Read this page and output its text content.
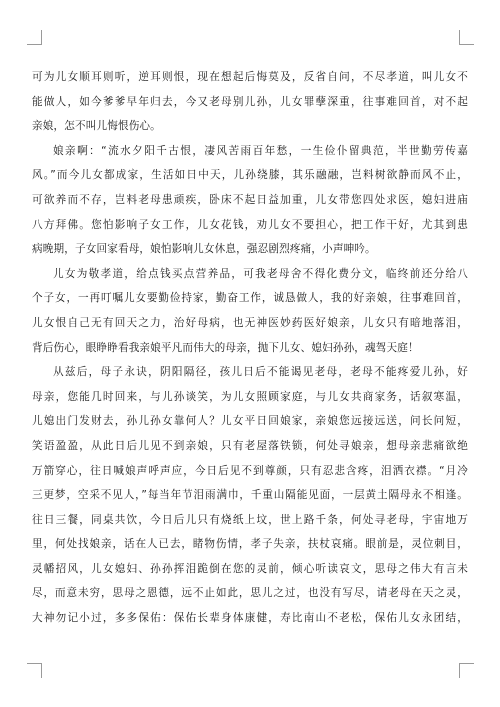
可为儿女顺耳则听，逆耳则恨，现在想起后悔莫及，反省自问，不尽孝道，叫儿女不
能做人，如今爹爹早年归去，今又老母别儿孙，儿女罪孽深重，往事难回首，对不起
亲娘，怎不叫儿悔恨伤心。
娘亲啊：“流水夕阳千古恨，凄风苦雨百年愁，一生俭仆留典范，半世勤劳传嘉
风。”而今儿女都成家，生活如日中天，儿孙绕膝，其乐融融，岂料树欲静而风不止，
可欲养而不存，岂料老母患顽疾，卧床不起日益加重，儿女带您四处求医，媳妇进庙
八方拜佛。您怕影响子女工作，儿女花钱，劝儿女不要担心，把工作干好，尤其到患
病晚期，子女回家看母，娘怕影响儿女休息，强忍剧烈疼痛，小声呻吟。
儿女为敬孝道，给点钱买点营养品，可我老母舍不得化费分文，临终前还分给八
个子女，一再叮嘱儿女要勤俭持家，勤奋工作，诚恳做人，我的好亲娘，往事难回首，
儿女恨自己无有回天之力，治好母病，也无神医妙药医好娘亲，儿女只有暗地落泪，
背后伤心，眼睁睁看我亲娘平凡而伟大的母亲，抛下儿女、媳妇孙孙，魂驾天庭！
从兹后，母子永诀，阴阳隔径，孩儿日后不能谒见老母，老母不能疼爱儿孙，好
母亲，您能几时回来，与儿孙谈笑，为儿女照顾家庭，与儿女共商家务，话叙寒温，
儿媳出门发财去，孙儿孙女靠何人？儿女平日回娘家，亲娘您远接远送，问长问短，
笑语盈盈，从此日后儿见不到亲娘，只有老屋落铁锁，何处寻娘亲，想母亲悲痛欲绝
万箭穿心，往日喊娘声呼声应，今日后见不到尊颜，只有忍悲含疼，泪洒衣襟。“月冷
三更梦，空采不见人，”每当年节泪雨满巾，千重山隔能见面，一层黄土隔母永不相逢。
往日三餐，同桌共饮，今日后儿只有烧纸上坟，世上路千条，何处寻老母，宇宙地万
里，何处找娘亲，话在人已去，睹物伤情，孝子失亲，扶杖哀痛。眼前是，灵位刺目，
灵幡招风，儿女媳妇、孙孙挥泪跪倒在您的灵前，倾心听读哀文，思母之伟大有言未
尽，而意未穷，思母之恩德，远不止如此，思儿之过，也没有写尽，请老母在天之灵，
大神勿记小过，多多保佑：保佑长辈身体康健，寿比南山不老松，保佑儿女永团结，
